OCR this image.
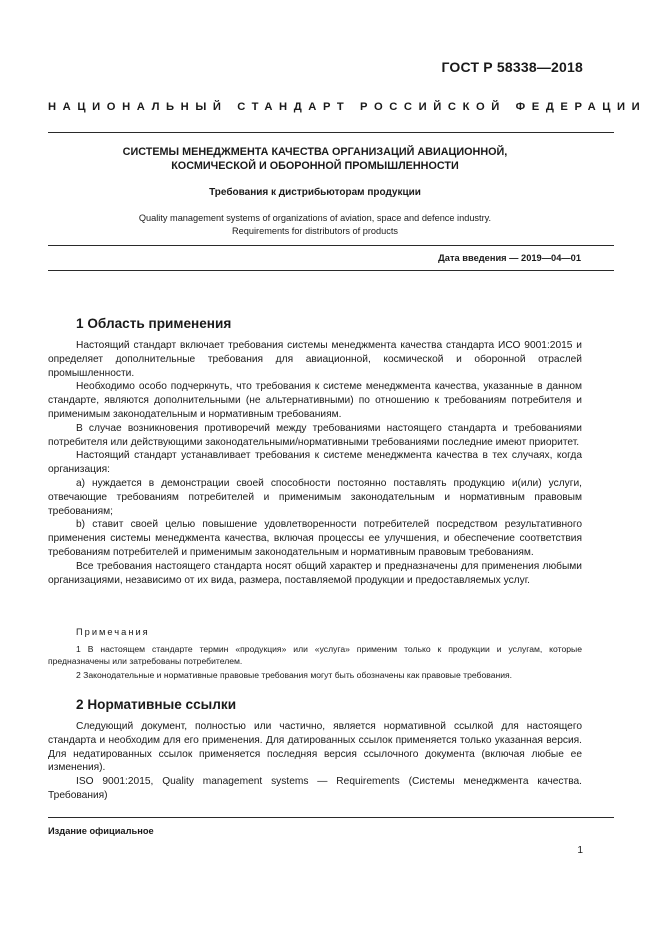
ГОСТ Р 58338—2018
НАЦИОНАЛЬНЫЙ СТАНДАРТ РОССИЙСКОЙ ФЕДЕРАЦИИ
СИСТЕМЫ МЕНЕДЖМЕНТА КАЧЕСТВА ОРГАНИЗАЦИЙ АВИАЦИОННОЙ,
КОСМИЧЕСКОЙ И ОБОРОННОЙ ПРОМЫШЛЕННОСТИ
Требования к дистрибьюторам продукции
Quality management systems of organizations of aviation, space and defence industry.
Requirements for distributors of products
Дата введения — 2019—04—01
1 Область применения

Настоящий стандарт включает требования системы менеджмента качества стандарта ИСО 9001:2015 и определяет дополнительные требования для авиационной, космической и оборонной отраслей промышленности.

Необходимо особо подчеркнуть, что требования к системе менеджмента качества, указанные в данном стандарте, являются дополнительными (не альтернативными) по отношению к требованиям потребителя и применимым законодательным и нормативным требованиям.

В случае возникновения противоречий между требованиями настоящего стандарта и требованиями потребителя или действующими законодательными/нормативными требованиями последние имеют приоритет.

Настоящий стандарт устанавливает требования к системе менеджмента качества в тех случаях, когда организация:

a) нуждается в демонстрации своей способности постоянно поставлять продукцию и(или) услуги, отвечающие требованиям потребителей и применимым законодательным и нормативным правовым требованиям;

b) ставит своей целью повышение удовлетворенности потребителей посредством результативного применения системы менеджмента качества, включая процессы ее улучшения, и обеспечение соответствия требованиям потребителей и применимым законодательным и нормативным правовым требованиям.

Все требования настоящего стандарта носят общий характер и предназначены для применения любыми организациями, независимо от их вида, размера, поставляемой продукции и предоставляемых услуг.

Примечания

1 В настоящем стандарте термин «продукция» или «услуга» применим только к продукции и услугам, которые предназначены или затребованы потребителем.

2 Законодательные и нормативные правовые требования могут быть обозначены как правовые требования.

2 Нормативные ссылки

Следующий документ, полностью или частично, является нормативной ссылкой для настоящего стандарта и необходим для его применения. Для датированных ссылок применяется только указанная версия. Для недатированных ссылок применяется последняя версия ссылочного документа (включая любые ее изменения).

ISO 9001:2015, Quality management systems — Requirements (Системы менеджмента качества. Требования)

Издание официальное
1
